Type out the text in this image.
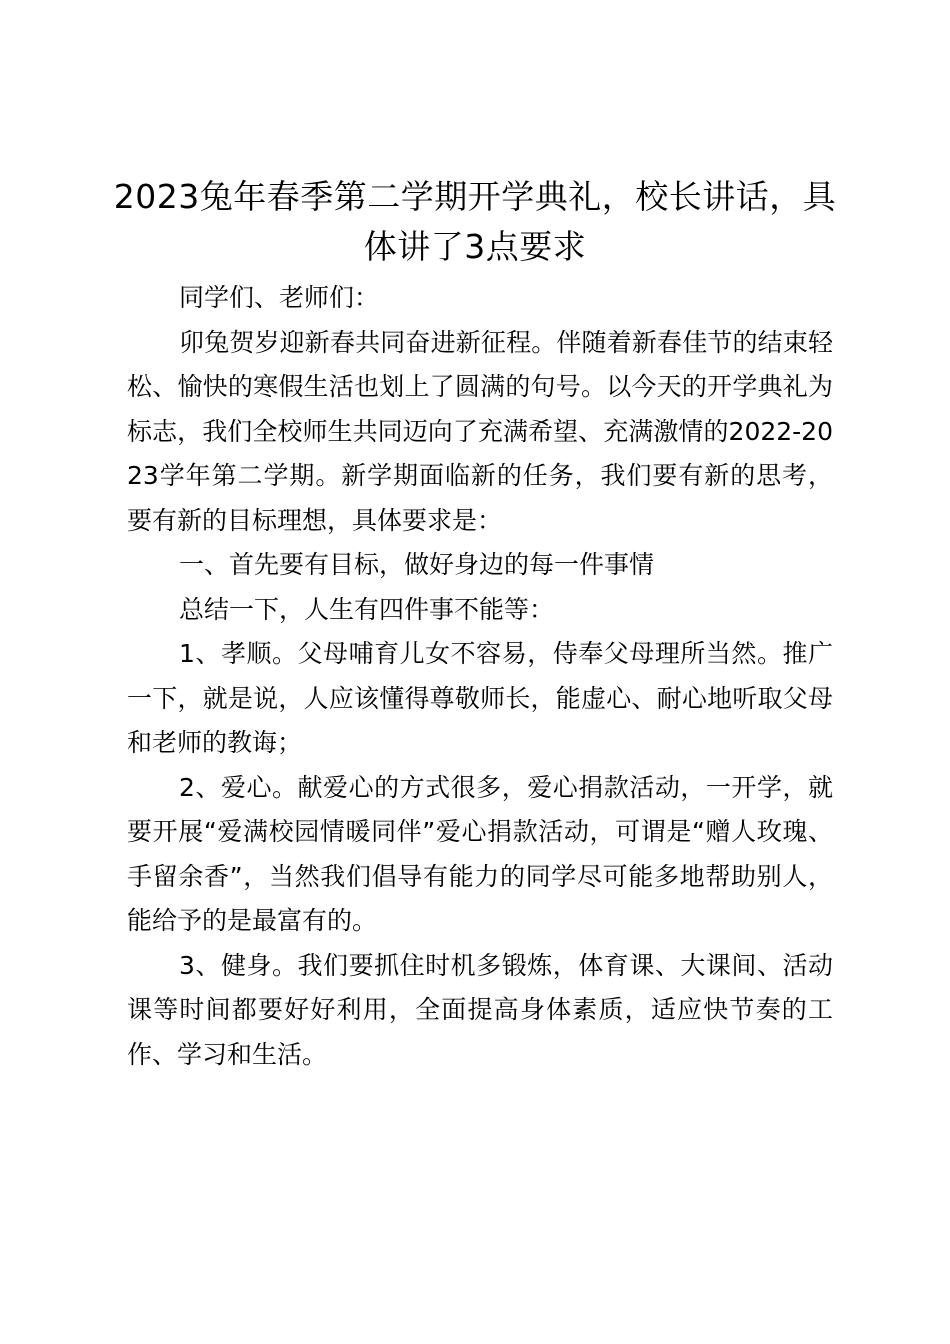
2023兔年春季第二学期开学典礼，校长讲话，具体讲了3点要求

同学们、老师们：

卯兔贺岁迎新春共同奋进新征程。伴随着新春佳节的结束轻松、愉快的寒假生活也划上了圆满的句号。以今天的开学典礼为标志，我们全校师生共同迈向了充满希望、充满激情的2022-2023学年第二学期。新学期面临新的任务，我们要有新的思考，要有新的目标理想，具体要求是：

一、首先要有目标，做好身边的每一件事情

总结一下，人生有四件事不能等：

1、孝顺。父母哺育儿女不容易，侍奉父母理所当然。推广一下，就是说，人应该懂得尊敬师长，能虚心、耐心地听取父母和老师的教诲；

2、爱心。献爱心的方式很多，爱心捐款活动，一开学，就要开展“爱满校园情暖同伴”爱心捐款活动，可谓是“赠人玫瑰、手留余香”，当然我们倡导有能力的同学尽可能多地帮助别人，能给予的是最富有的。

3、健身。我们要抓住时机多锻炼，体育课、大课间、活动课等时间都要好好利用，全面提高身体素质，适应快节奏的工作、学习和生活。
